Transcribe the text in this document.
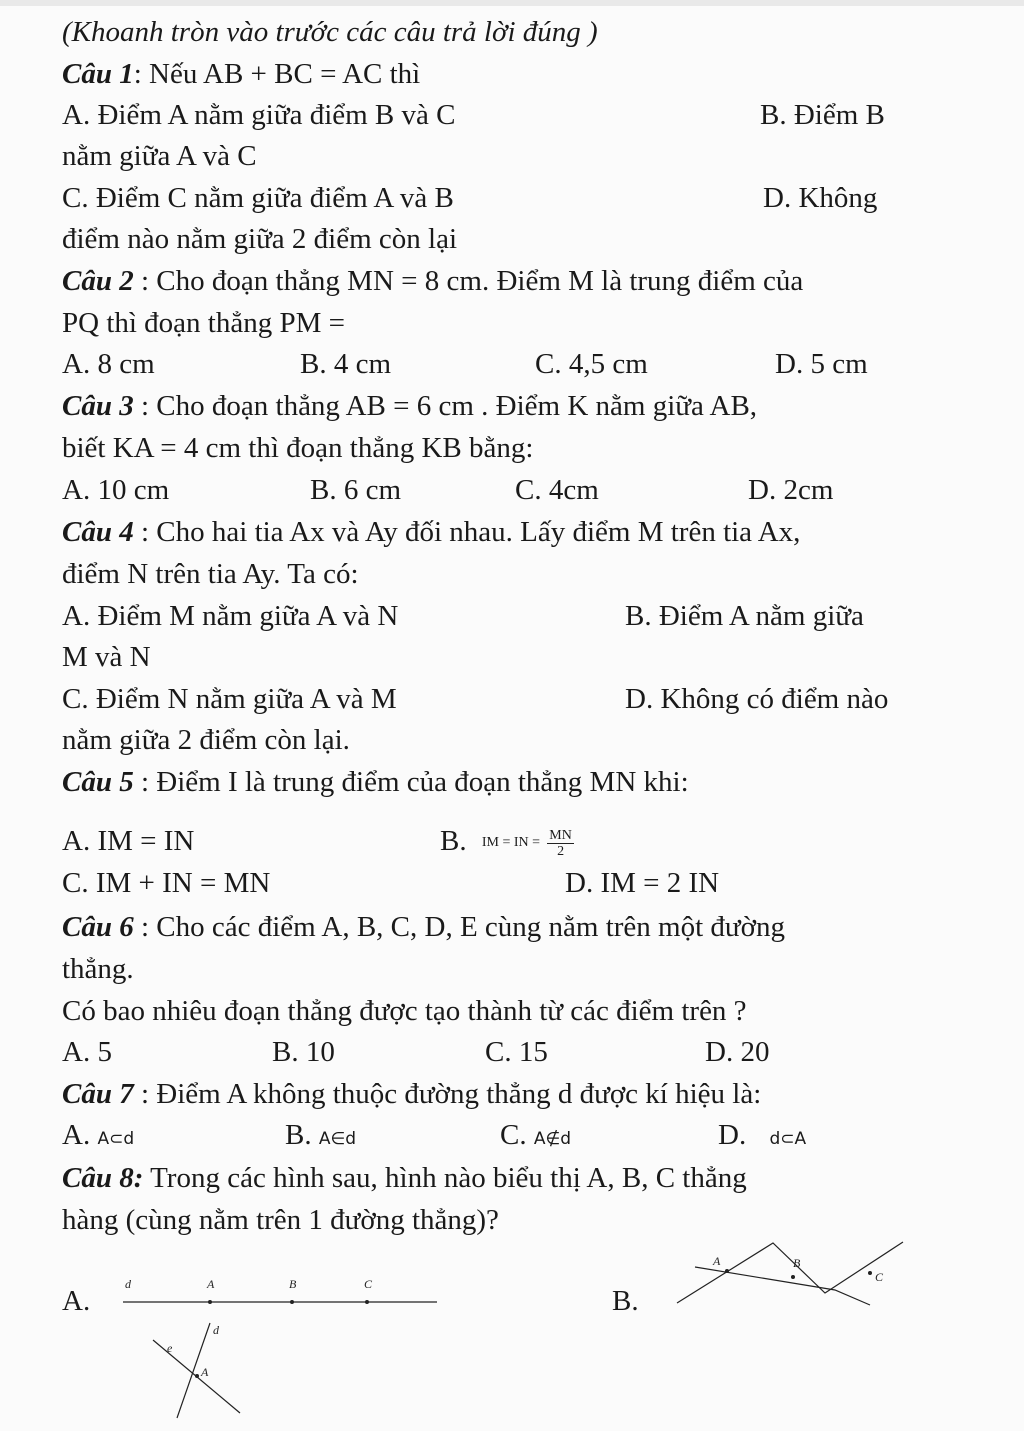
(Khoanh tròn vào trước các câu trả lời đúng )
Câu 1: Nếu AB + BC = AC thì
A. Điểm A nằm giữa điểm B và C	B. Điểm B
nằm giữa A và C
C. Điểm C nằm giữa điểm A và B	D. Không
điểm nào nằm giữa 2 điểm còn lại
Câu 2 : Cho đoạn thẳng MN = 8 cm. Điểm M là trung điểm của
PQ thì đoạn thẳng PM =
A. 8 cm	B. 4 cm	C. 4,5 cm	D. 5 cm
Câu 3 : Cho đoạn thẳng AB = 6 cm . Điểm K nằm giữa AB,
biết KA = 4 cm thì đoạn thẳng KB bằng:
A. 10 cm	B. 6 cm	C. 4cm	D. 2cm
Câu 4 : Cho hai tia Ax và Ay đối nhau. Lấy điểm M trên tia Ax,
điểm N trên tia Ay. Ta có:
A. Điểm M nằm giữa A và N	B. Điểm A nằm giữa
M và N
C. Điểm N nằm giữa A và M	D. Không có điểm nào
nằm giữa 2 điểm còn lại.
Câu 5 : Điểm I là trung điểm của đoạn thẳng MN khi:
A. IM = IN	B. IM = IN = $\frac{MN}{2}$
C. IM + IN = MN	D. IM = 2 IN
Câu 6 : Cho các điểm A, B, C, D, E cùng nằm trên một đường
thẳng.
Có bao nhiêu đoạn thẳng được tạo thành từ các điểm trên ?
A. 5	B. 10	C. 15	D. 20
Câu 7 : Điểm A không thuộc đường thẳng d được kí hiệu là:
A. A⊂d	B. A∈d	C. A∉d	D. d⊂A
Câu 8: Trong các hình sau, hình nào biểu thị A, B, C thẳng
hàng (cùng nằm trên 1 đường thẳng)?
A.	B.
d	A	B	C
A	B
C
d
e
A
